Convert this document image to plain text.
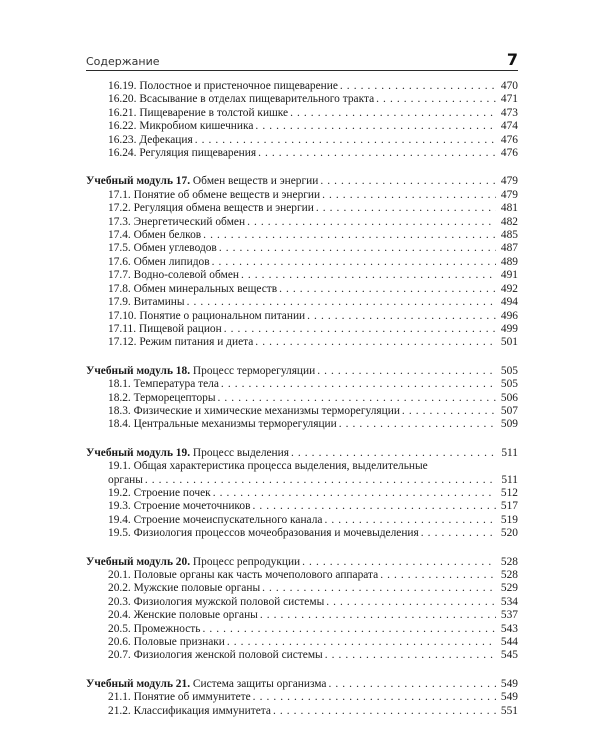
Содержание	7
16.19. Полостное и пристеночное пищеварение . . .	470
16.20. Всасывание в отделах пищеварительного тракта . . .	471
16.21. Пищеварение в толстой кишке . . .	473
16.22. Микробиом кишечника . . .	474
16.23. Дефекация . . .	476
16.24. Регуляция пищеварения . . .	476
Учебный модуль 17. Обмен веществ и энергии . . .	479
17.1. Понятие об обмене веществ и энергии . . .	479
17.2. Регуляция обмена веществ и энергии . . .	481
17.3. Энергетический обмен . . .	482
17.4. Обмен белков . . .	485
17.5. Обмен углеводов . . .	487
17.6. Обмен липидов . . .	489
17.7. Водно-солевой обмен . . .	491
17.8. Обмен минеральных веществ . . .	492
17.9. Витамины . . .	494
17.10. Понятие о рациональном питании . . .	496
17.11. Пищевой рацион . . .	499
17.12. Режим питания и диета . . .	501
Учебный модуль 18. Процесс терморегуляции . . .	505
18.1. Температура тела . . .	505
18.2. Терморецепторы . . .	506
18.3. Физические и химические механизмы терморегуляции . . .	507
18.4. Центральные механизмы терморегуляции . . .	509
Учебный модуль 19. Процесс выделения . . .	511
19.1. Общая характеристика процесса выделения, выделительные
органы . . .	511
19.2. Строение почек . . .	512
19.3. Строение мочеточников . . .	517
19.4. Строение мочеиспускательного канала . . .	519
19.5. Физиология процессов мочеобразования и мочевыделения . . .	520
Учебный модуль 20. Процесс репродукции . . .	528
20.1. Половые органы как часть мочеполового аппарата . . .	528
20.2. Мужские половые органы . . .	529
20.3. Физиология мужской половой системы . . .	534
20.4. Женские половые органы . . .	537
20.5. Промежность . . .	543
20.6. Половые признаки . . .	544
20.7. Физиология женской половой системы . . .	545
Учебный модуль 21. Система защиты организма . . .	549
21.1. Понятие об иммунитете . . .	549
21.2. Классификация иммунитета . . .	551
